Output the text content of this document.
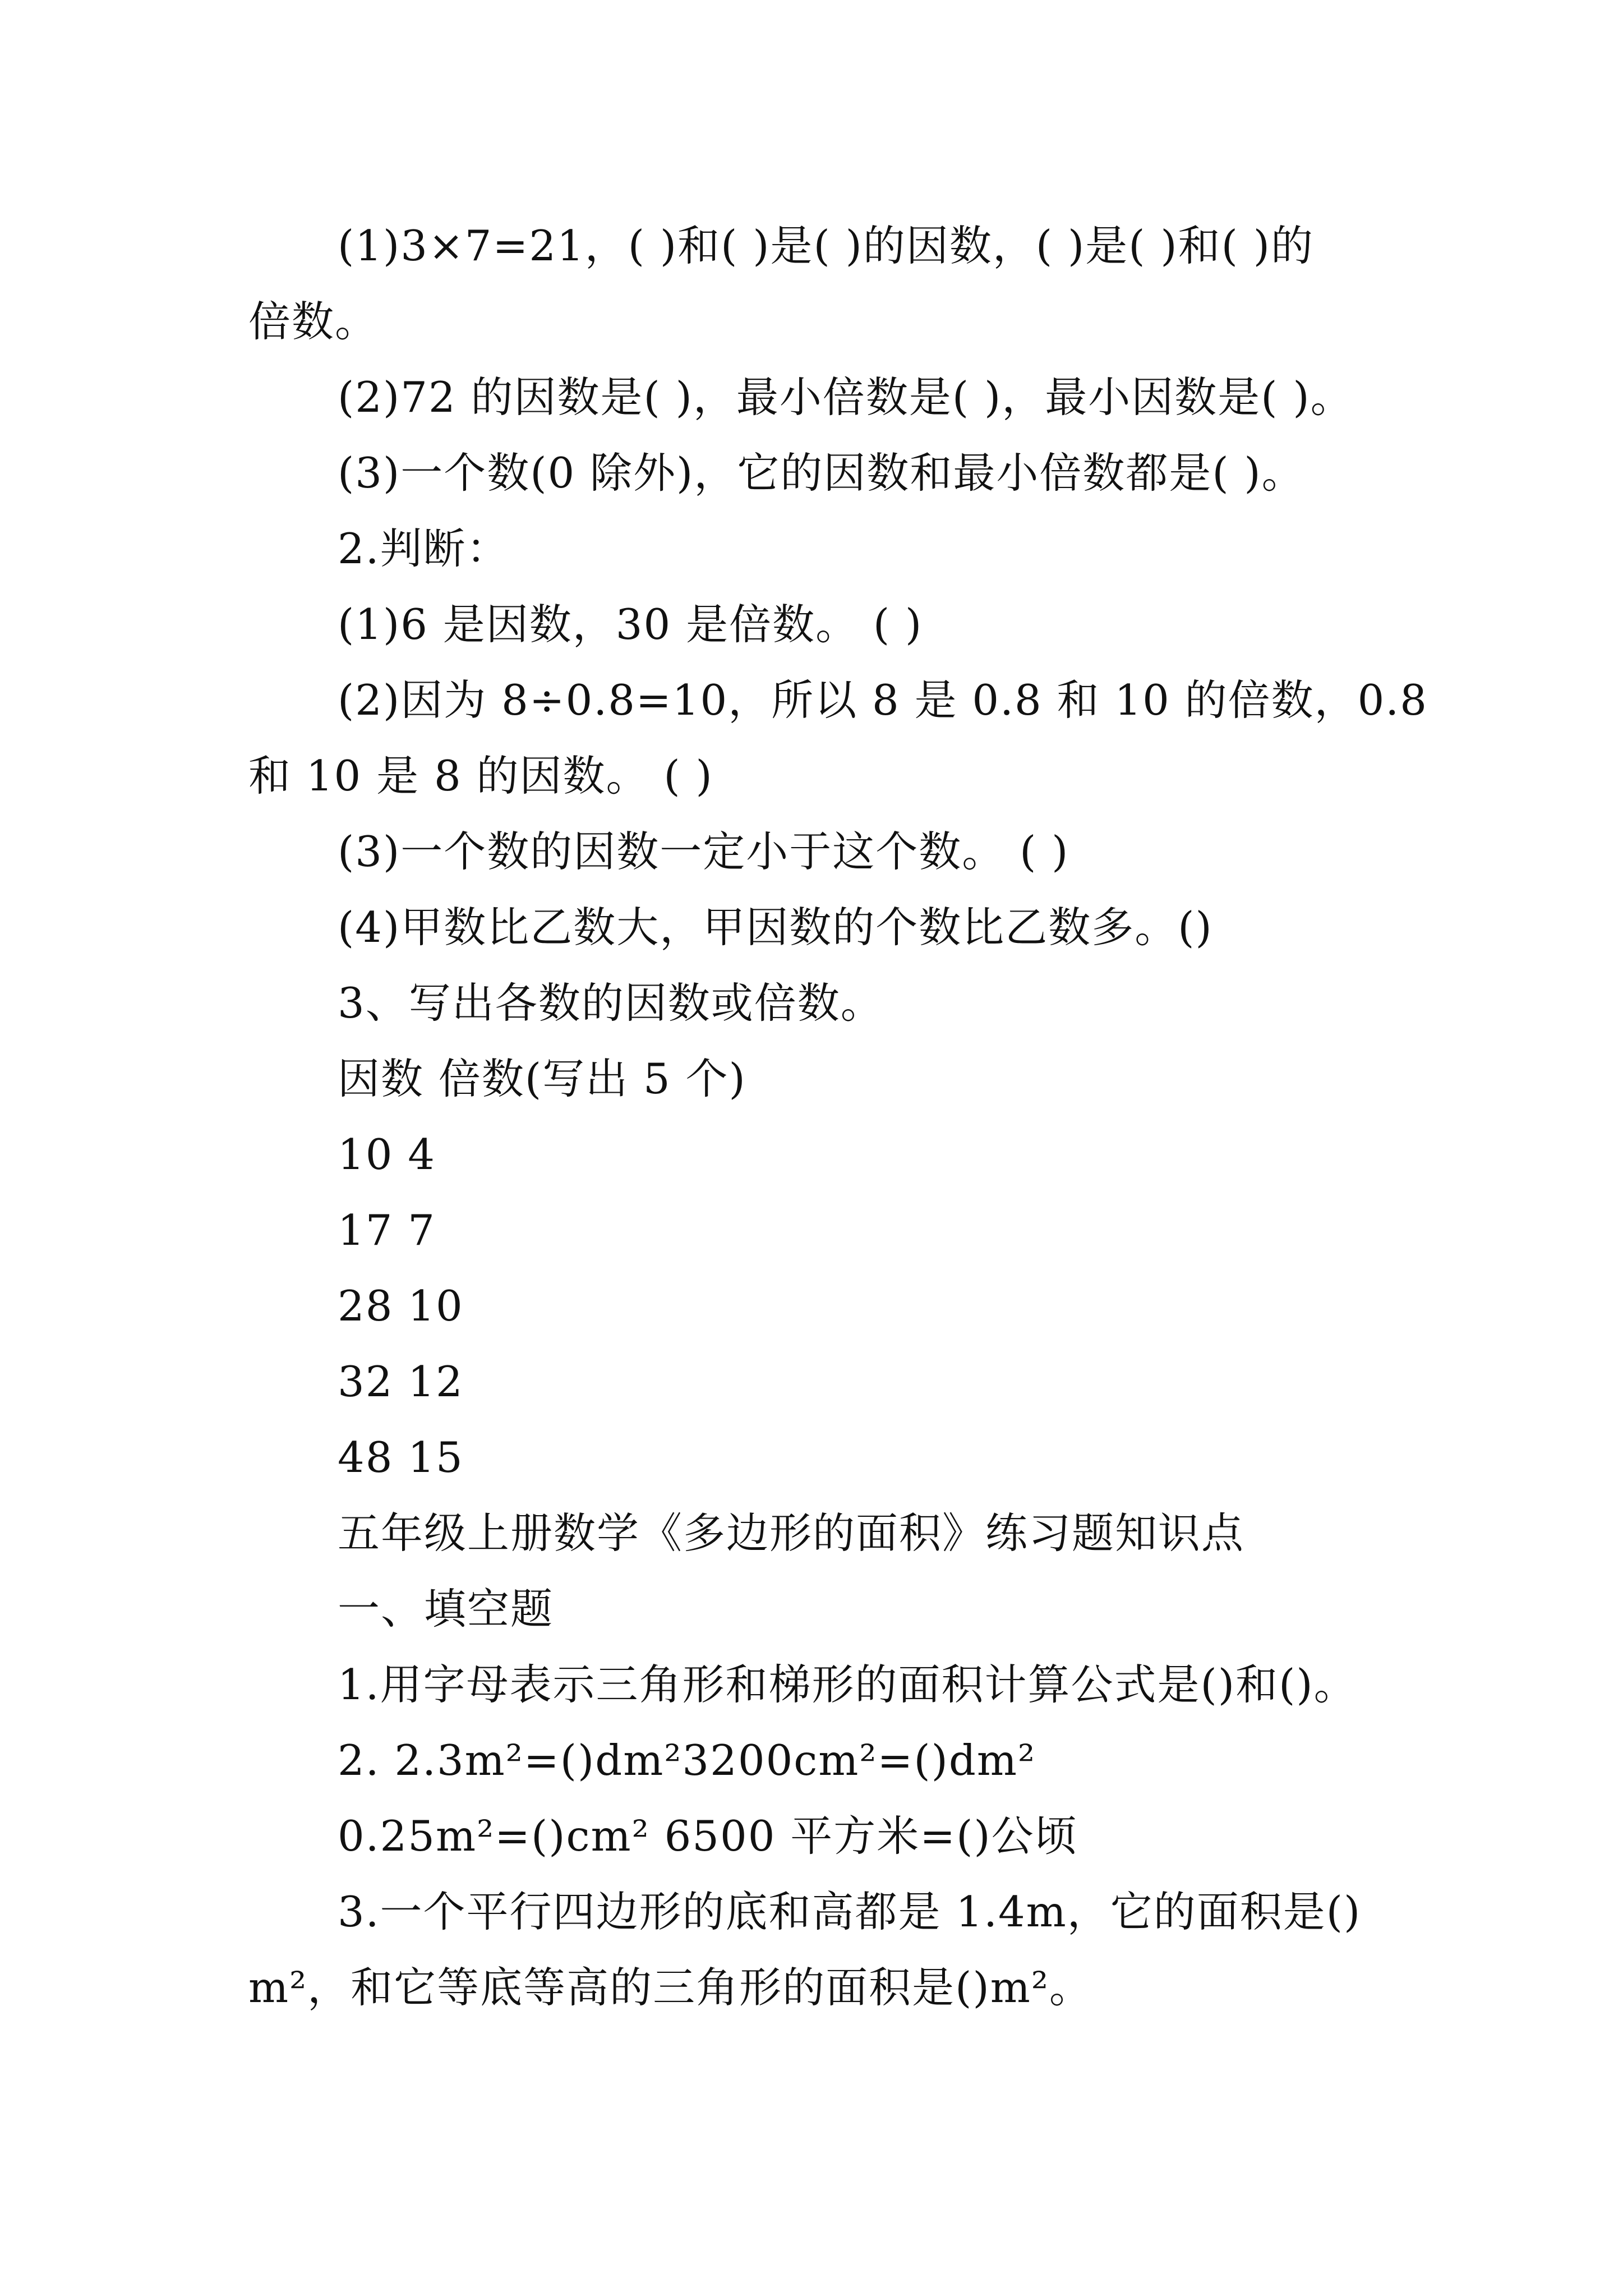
(1)3×7=21，( )和( )是( )的因数，( )是( )和( )的
倍数。
(2)72 的因数是( )，最小倍数是( )，最小因数是( )。
(3)一个数(0 除外)，它的因数和最小倍数都是( )。
2.判断：
(1)6 是因数，30 是倍数。 ( )
(2)因为 8÷0.8=10，所以 8 是 0.8 和 10 的倍数，0.8
和 10 是 8 的因数。 ( )
(3)一个数的因数一定小于这个数。 ( )
(4)甲数比乙数大，甲因数的个数比乙数多。()
3、写出各数的因数或倍数。
因数 倍数(写出 5 个)
10 4
17 7
28 10
32 12
48 15
五年级上册数学《多边形的面积》练习题知识点
一、填空题
1.用字母表示三角形和梯形的面积计算公式是()和()。
2. 2.3m²=()dm²3200cm²=()dm²
0.25m²=()cm² 6500 平方米=()公顷
3.一个平行四边形的底和高都是 1.4m，它的面积是()
m²，和它等底等高的三角形的面积是()m²。
